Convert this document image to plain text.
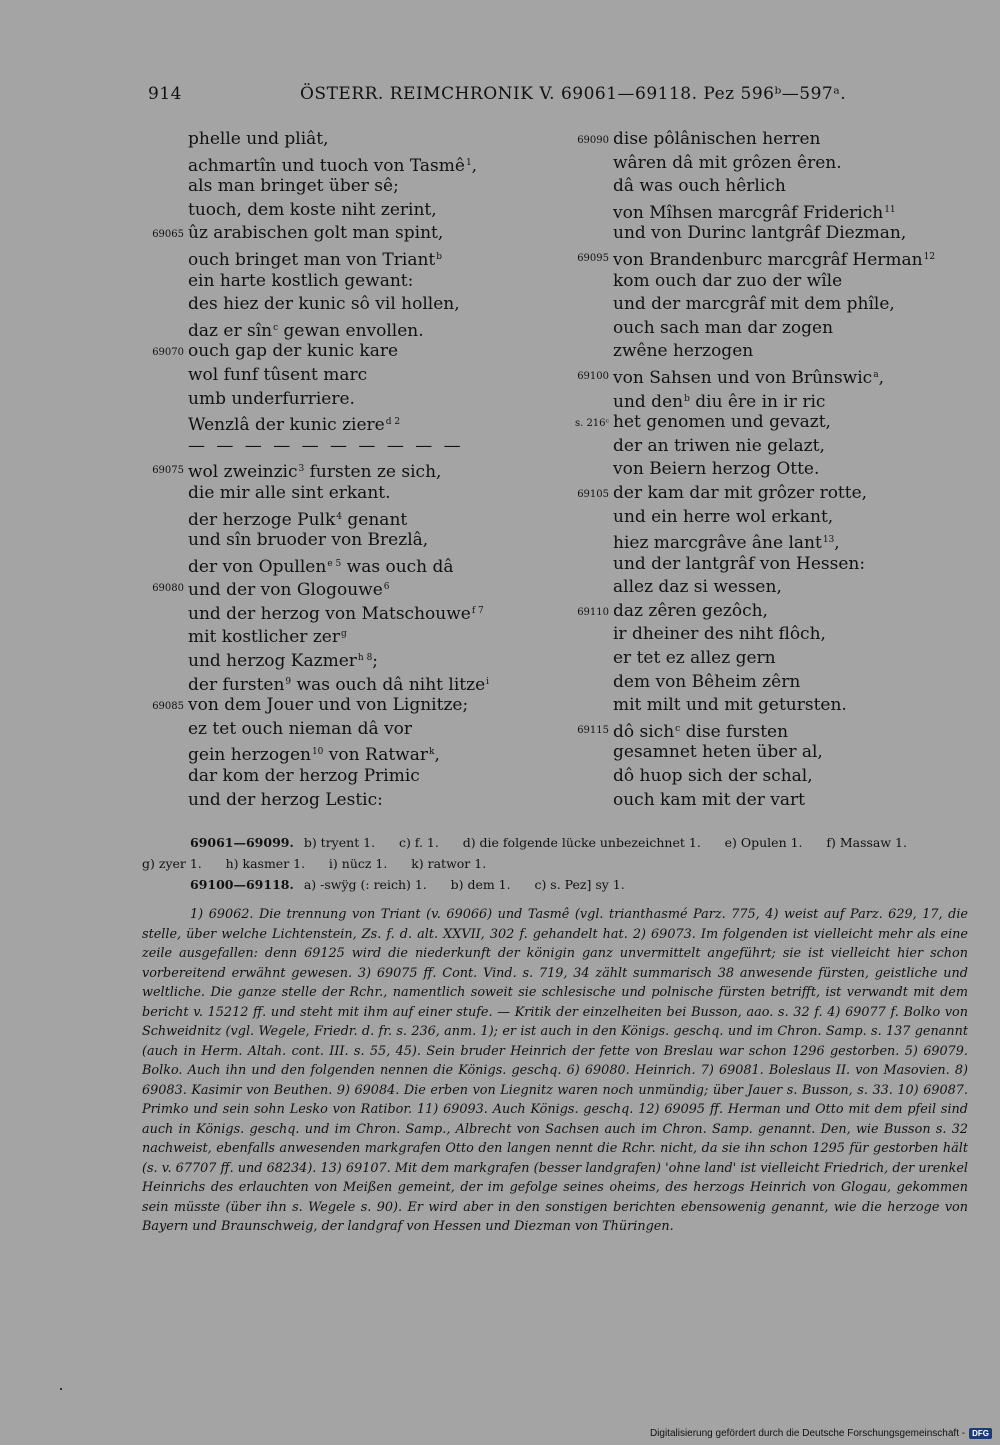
914	ÖSTERR. REIMCHRONIK V. 69061—69118. Pez 596ᵇ—597ᵃ.
phelle und pliât,
achmartîn und tuoch von Tasmê$^1$,
als man bringet über sê;
tuoch, dem koste niht zerint,
69065 ûz arabischen golt man spint,
ouch bringet man von Triant$^b$
ein harte kostlich gewant:
des hiez der kunic sô vil hollen,
daz er sîn$^c$ gewan envollen.
69070 ouch gap der kunic kare
wol funf tûsent marc
umb underfurriere.
Wenzlâ der kunic ziere$^{d 2}$
— — — — — — — — — —
69075 wol zweinzic$^3$ fursten ze sich,
die mir alle sint erkant.
der herzoge Pulk$^4$ genant
und sîn bruoder von Brezlâ,
der von Opullen$^{e 5}$ was ouch dâ
69080 und der von Glogouwe$^6$
und der herzog von Matschouwe$^{f 7}$
mit kostlicher zer$^g$
und herzog Kazmer$^{h 8}$;
der fursten$^9$ was ouch dâ niht litze$^i$
69085 von dem Jouer und von Lignitze;
ez tet ouch nieman dâ vor
gein herzogen$^{10}$ von Ratwar$^k$,
dar kom der herzog Primic
und der herzog Lestic:
69090 dise pôlânischen herren
wâren dâ mit grôzen êren.
dâ was ouch hêrlich
von Mîhsen marcgrâf Friderich$^{11}$
und von Durinc lantgrâf Diezman,
69095 von Brandenburc marcgrâf Herman$^{12}$
kom ouch dar zuo der wîle
und der marcgrâf mit dem phîle,
ouch sach man dar zogen
zwêne herzogen
69100 von Sahsen und von Brûnswic$^a$,
und den$^b$ diu êre in ir ric
s. 216ᶜ het genomen und gevazt,
der an triwen nie gelazt,
von Beiern herzog Otte.
69105 der kam dar mit grôzer rotte,
und ein herre wol erkant,
hiez marcgrâve âne lant$^{13}$,
und der lantgrâf von Hessen:
allez daz si wessen,
69110 daz zêren gezôch,
ir dheiner des niht flôch,
er tet ez allez gern
dem von Bêheim zêrn
mit milt und mit getursten.
69115 dô sich$^c$ dise fursten
gesamnet heten über al,
dô huop sich der schal,
ouch kam mit der vart
69061—69099. b) tryent 1.      c) f. 1.      d) die folgende lücke unbezeichnet 1.      e) Opulen 1.      f) Massaw 1.
g) zyer 1.      h) kasmer 1.      i) nücz 1.      k) ratwor 1.
69100—69118. a) -swÿg (: reich) 1.      b) dem 1.      c) s. Pez] sy 1.

1) 69062. Die trennung von Triant (v. 69066) und Tasmê (vgl. trianthasmé Parz. 775, 4) weist auf Parz. 629, 17, die stelle, über welche Lichtenstein, Zs. f. d. alt. XXVII, 302 f. gehandelt hat. 2) 69073. Im folgenden ist vielleicht mehr als eine zeile ausgefallen: denn 69125 wird die niederkunft der königin ganz unvermittelt angeführt; sie ist vielleicht hier schon vorbereitend erwähnt gewesen. 3) 69075 ff. Cont. Vind. s. 719, 34 zählt summarisch 38 anwesende fürsten, geistliche und weltliche. Die ganze stelle der Rchr., namentlich soweit sie schlesische und polnische fürsten betrifft, ist verwandt mit dem bericht v. 15212 ff. und steht mit ihm auf einer stufe. — Kritik der einzelheiten bei Busson, aao. s. 32 f. 4) 69077 f. Bolko von Schweidnitz (vgl. Wegele, Friedr. d. fr. s. 236, anm. 1); er ist auch in den Königs. geschq. und im Chron. Samp. s. 137 genannt (auch in Herm. Altah. cont. III. s. 55, 45). Sein bruder Heinrich der fette von Breslau war schon 1296 gestorben. 5) 69079. Bolko. Auch ihn und den folgenden nennen die Königs. geschq. 6) 69080. Heinrich. 7) 69081. Boleslaus II. von Masovien. 8) 69083. Kasimir von Beuthen. 9) 69084. Die erben von Liegnitz waren noch unmündig; über Jauer s. Busson, s. 33. 10) 69087. Primko und sein sohn Lesko von Ratibor. 11) 69093. Auch Königs. geschq. 12) 69095 ff. Herman und Otto mit dem pfeil sind auch in Königs. geschq. und im Chron. Samp., Albrecht von Sachsen auch im Chron. Samp. genannt. Den, wie Busson s. 32 nachweist, ebenfalls anwesenden markgrafen Otto den langen nennt die Rchr. nicht, da sie ihn schon 1295 für gestorben hält (s. v. 67707 ff. und 68234). 13) 69107. Mit dem markgrafen (besser landgrafen) 'ohne land' ist vielleicht Friedrich, der urenkel Heinrichs des erlauchten von Meißen gemeint, der im gefolge seines oheims, des herzogs Heinrich von Glogau, gekommen sein müsste (über ihn s. Wegele s. 90). Er wird aber in den sonstigen berichten ebensowenig genannt, wie die herzoge von Bayern und Braunschweig, der landgraf von Hessen und Diezman von Thüringen.

Digitalisierung gefördert durch die Deutsche Forschungsgemeinschaft - DFG
